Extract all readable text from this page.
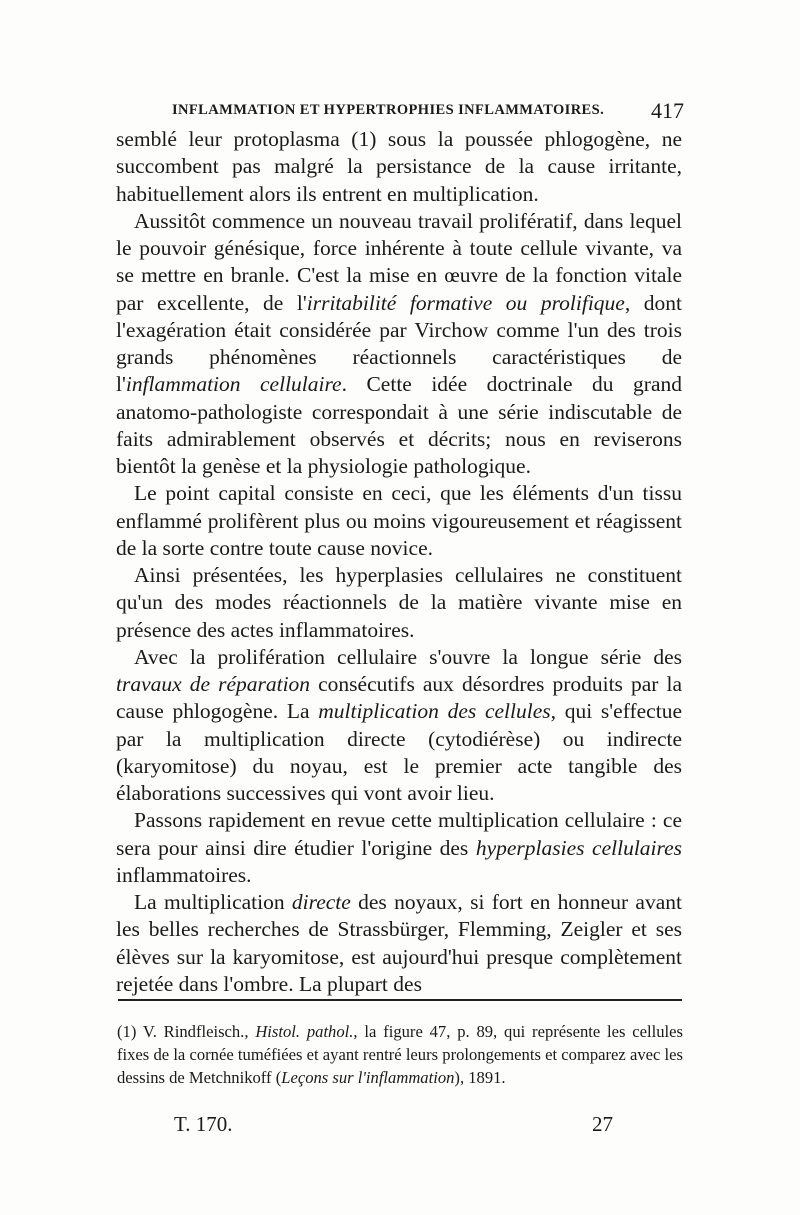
INFLAMMATION ET HYPERTROPHIES INFLAMMATOIRES. 417

semblé leur protoplasma (1) sous la poussée phlogogène, ne succombent pas malgré la persistance de la cause irritante, habituellement alors ils entrent en multiplication.

Aussitôt commence un nouveau travail prolifératif, dans lequel le pouvoir génésique, force inhérente à toute cellule vivante, va se mettre en branle. C'est la mise en œuvre de la fonction vitale par excellente, de l'irritabilité formative ou prolifique, dont l'exagération était considérée par Virchow comme l'un des trois grands phénomènes réactionnels caractéristiques de l'inflammation cellulaire. Cette idée doctrinale du grand anatomo-pathologiste correspondait à une série indiscutable de faits admirablement observés et décrits; nous en reviserons bientôt la genèse et la physiologie pathologique.

Le point capital consiste en ceci, que les éléments d'un tissu enflammé prolifèrent plus ou moins vigoureusement et réagissent de la sorte contre toute cause novice.

Ainsi présentées, les hyperplasies cellulaires ne constituent qu'un des modes réactionnels de la matière vivante mise en présence des actes inflammatoires.

Avec la prolifération cellulaire s'ouvre la longue série des travaux de réparation consécutifs aux désordres produits par la cause phlogogène. La multiplication des cellules, qui s'effectue par la multiplication directe (cytodiérèse) ou indirecte (karyomitose) du noyau, est le premier acte tangible des élaborations successives qui vont avoir lieu.

Passons rapidement en revue cette multiplication cellulaire : ce sera pour ainsi dire étudier l'origine des hyperplasies cellulaires inflammatoires.

La multiplication directe des noyaux, si fort en honneur avant les belles recherches de Strassbürger, Flemming, Zeigler et ses élèves sur la karyomitose, est aujourd'hui presque complètement rejetée dans l'ombre. La plupart des

(1) V. Rindfleisch., Histol. pathol., la figure 47, p. 89, qui représente les cellules fixes de la cornée tuméfiées et ayant rentré leurs prolongements et comparez avec les dessins de Metchnikoff (Leçons sur l'inflammation), 1891.
T. 170.	27
